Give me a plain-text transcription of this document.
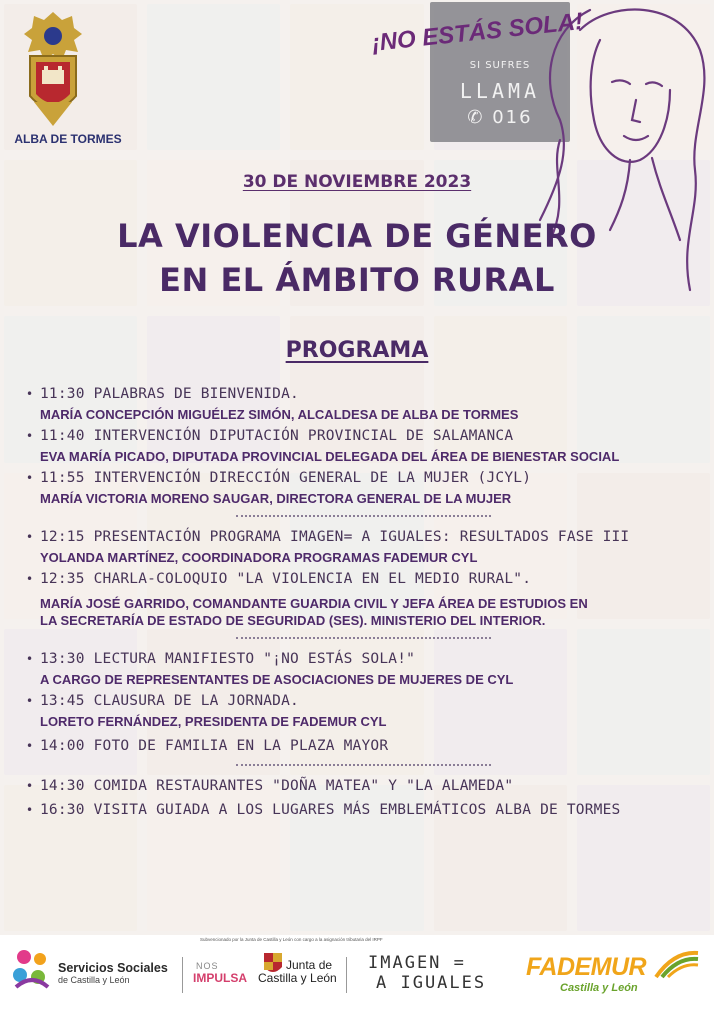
ALBA DE TORMES
SI SUFRES
LLAMA
✆ 016
¡NO ESTÁS SOLA!
30 DE NOVIEMBRE 2023
LA VIOLENCIA DE GÉNERO
EN EL ÁMBITO RURAL
PROGRAMA
• 11:30 PALABRAS DE BIENVENIDA.
MARÍA CONCEPCIÓN MIGUÉLEZ SIMÓN, ALCALDESA DE ALBA DE TORMES
• 11:40 INTERVENCIÓN DIPUTACIÓN PROVINCIAL DE SALAMANCA
EVA MARÍA PICADO, DIPUTADA PROVINCIAL DELEGADA DEL ÁREA DE BIENESTAR SOCIAL
• 11:55 INTERVENCIÓN DIRECCIÓN GENERAL DE LA MUJER (JCYL)
MARÍA VICTORIA MORENO SAUGAR, DIRECTORA GENERAL DE LA MUJER
• 12:15 PRESENTACIÓN PROGRAMA IMAGEN= A IGUALES: RESULTADOS FASE III
YOLANDA MARTÍNEZ, COORDINADORA PROGRAMAS FADEMUR CYL
• 12:35 CHARLA-COLOQUIO "LA VIOLENCIA EN EL MEDIO RURAL".
MARÍA JOSÉ GARRIDO, COMANDANTE GUARDIA CIVIL Y JEFA ÁREA DE ESTUDIOS EN
LA SECRETARÍA DE ESTADO DE SEGURIDAD (SES). MINISTERIO DEL INTERIOR.
• 13:30 LECTURA MANIFIESTO "¡NO ESTÁS SOLA!"
A CARGO DE REPRESENTANTES DE ASOCIACIONES DE MUJERES DE CYL
• 13:45 CLAUSURA DE LA JORNADA.
LORETO FERNÁNDEZ, PRESIDENTA DE FADEMUR CYL
• 14:00 FOTO DE FAMILIA EN LA PLAZA MAYOR
• 14:30 COMIDA RESTAURANTES "DOÑA MATEA" Y "LA ALAMEDA"
• 16:30 VISITA GUIADA A LOS LUGARES MÁS EMBLEMÁTICOS ALBA DE TORMES
Servicios Sociales
de Castilla y León
Subvencionado por la Junta de Castilla y León con cargo a la asignación tributaria del IRPF
NOS
IMPULSA
Junta de
Castilla y León
IMAGEN =
A IGUALES
FADEMUR
Castilla y León
